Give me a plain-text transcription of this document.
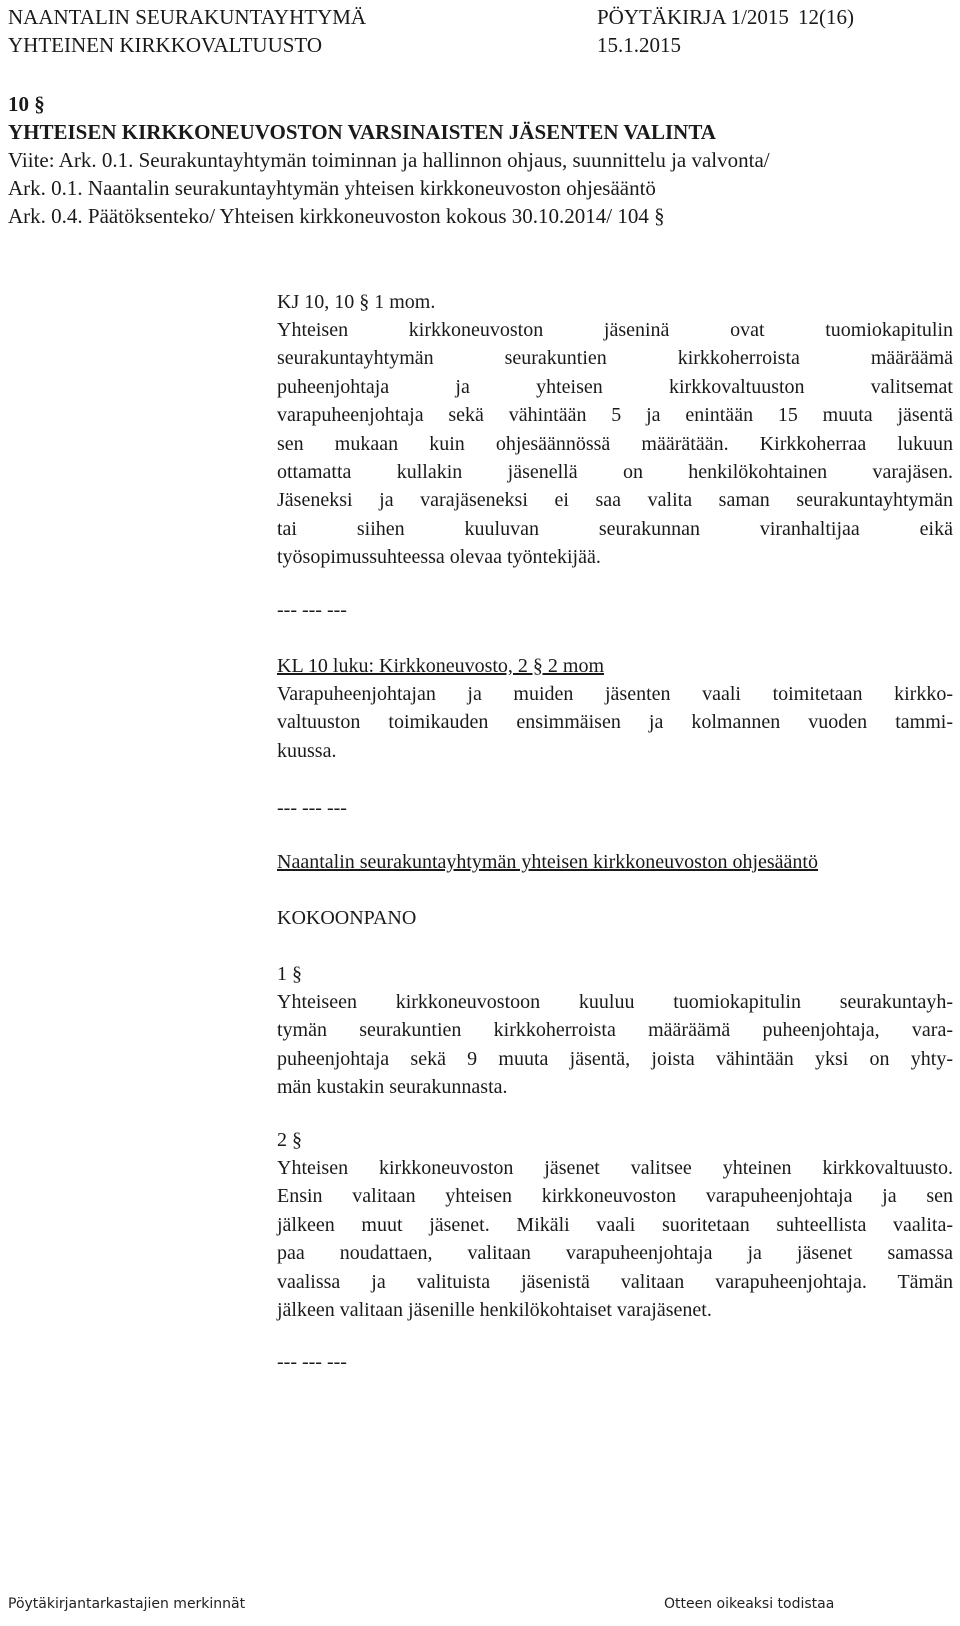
NAANTALIN SEURAKUNTAYHTYMÄ	PÖYTÄKIRJA 1/2015 12(16)
YHTEINEN KIRKKOVALTUUSTO	15.1.2015
10 §
YHTEISEN KIRKKONEUVOSTON VARSINAISTEN JÄSENTEN VALINTA
Viite: Ark. 0.1. Seurakuntayhtymän toiminnan ja hallinnon ohjaus, suunnittelu ja valvonta/
Ark. 0.1. Naantalin seurakuntayhtymän yhteisen kirkkoneuvoston ohjesääntö
Ark. 0.4. Päätöksenteko/ Yhteisen kirkkoneuvoston kokous 30.10.2014/ 104 §
KJ 10, 10 § 1 mom.
Yhteisen kirkkoneuvoston jäseninä ovat tuomiokapitulin
seurakuntayhtymän seurakuntien kirkkoherroista määräämä
puheenjohtaja ja yhteisen kirkkovaltuuston valitsemat
varapuheenjohtaja sekä vähintään 5 ja enintään 15 muuta jäsentä
sen mukaan kuin ohjesäännössä määrätään. Kirkkoherraa lukuun
ottamatta kullakin jäsenellä on henkilökohtainen varajäsen.
Jäseneksi ja varajäseneksi ei saa valita saman seurakuntayhtymän
tai siihen kuuluvan seurakunnan viranhaltijaa eikä
työsopimussuhteessa olevaa työntekijää.
--- --- ---
KL 10 luku: Kirkkoneuvosto, 2 § 2 mom
Varapuheenjohtajan ja muiden jäsenten vaali toimitetaan kirkko-
valtuuston toimikauden ensimmäisen ja kolmannen vuoden tammi-
kuussa.
--- --- ---
Naantalin seurakuntayhtymän yhteisen kirkkoneuvoston ohjesääntö
KOKOONPANO
1 §
Yhteiseen kirkkoneuvostoon kuuluu tuomiokapitulin seurakuntayh-
tymän seurakuntien kirkkoherroista määräämä puheenjohtaja, vara-
puheenjohtaja sekä 9 muuta jäsentä, joista vähintään yksi on yhty-
män kustakin seurakunnasta.
2 §
Yhteisen kirkkoneuvoston jäsenet valitsee yhteinen kirkkovaltuusto.
Ensin valitaan yhteisen kirkkoneuvoston varapuheenjohtaja ja sen
jälkeen muut jäsenet. Mikäli vaali suoritetaan suhteellista vaalita-
paa noudattaen, valitaan varapuheenjohtaja ja jäsenet samassa
vaalissa ja valituista jäsenistä valitaan varapuheenjohtaja. Tämän
jälkeen valitaan jäsenille henkilökohtaiset varajäsenet.
--- --- ---
Pöytäkirjantarkastajien merkinnät	Otteen oikeaksi todistaa
